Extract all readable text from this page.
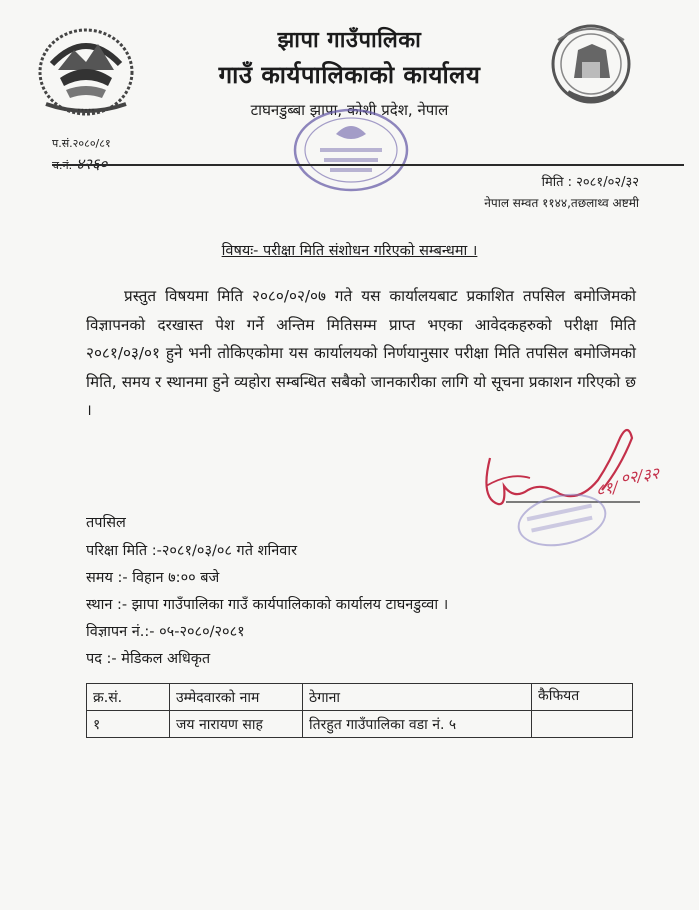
•••••
झापा गाउँपालिका
गाउँ कार्यपालिकाको कार्यालय
टाघनडुब्बा झापा, कोशी प्रदेश, नेपाल
प.सं.२०८०/८१
च.नं. ४२६०
मिति : २०८१/०२/३२
नेपाल सम्वत ११४४,तछलाथ्व अष्टमी
विषयः- परीक्षा मिति संशोधन गरिएको सम्बन्धमा ।
प्रस्तुत विषयमा मिति २०८०/०२/०७ गते यस कार्यालयबाट प्रकाशित तपसिल बमोजिमको विज्ञापनको दरखास्त पेश गर्ने अन्तिम मितिसम्म प्राप्त भएका आवेदकहरुको परीक्षा मिति २०८१/०३/०१ हुने भनी तोकिएकोमा यस कार्यालयको निर्णयानुसार परीक्षा मिति तपसिल बमोजिमको मिति, समय र स्थानमा हुने व्यहोरा सम्बन्धित सबैको जानकारीका लागि यो सूचना प्रकाशन गरिएको छ ।
८१/
०२/३२
तपसिल
परिक्षा मिति :-२०८१/०३/०८ गते शनिवार
समय :- विहान ७:०० बजे
स्थान :- झापा गाउँपालिका गाउँ कार्यपालिकाको कार्यालय टाघनडुव्वा ।
विज्ञापन नं.:- ०५-२०८०/२०८१
पद :- मेडिकल अधिकृत
क्र.सं.	उम्मेदवारको नाम	ठेगाना	कैफियत
१	जय नारायण साह	तिरहुत गाउँपालिका वडा नं. ५	
